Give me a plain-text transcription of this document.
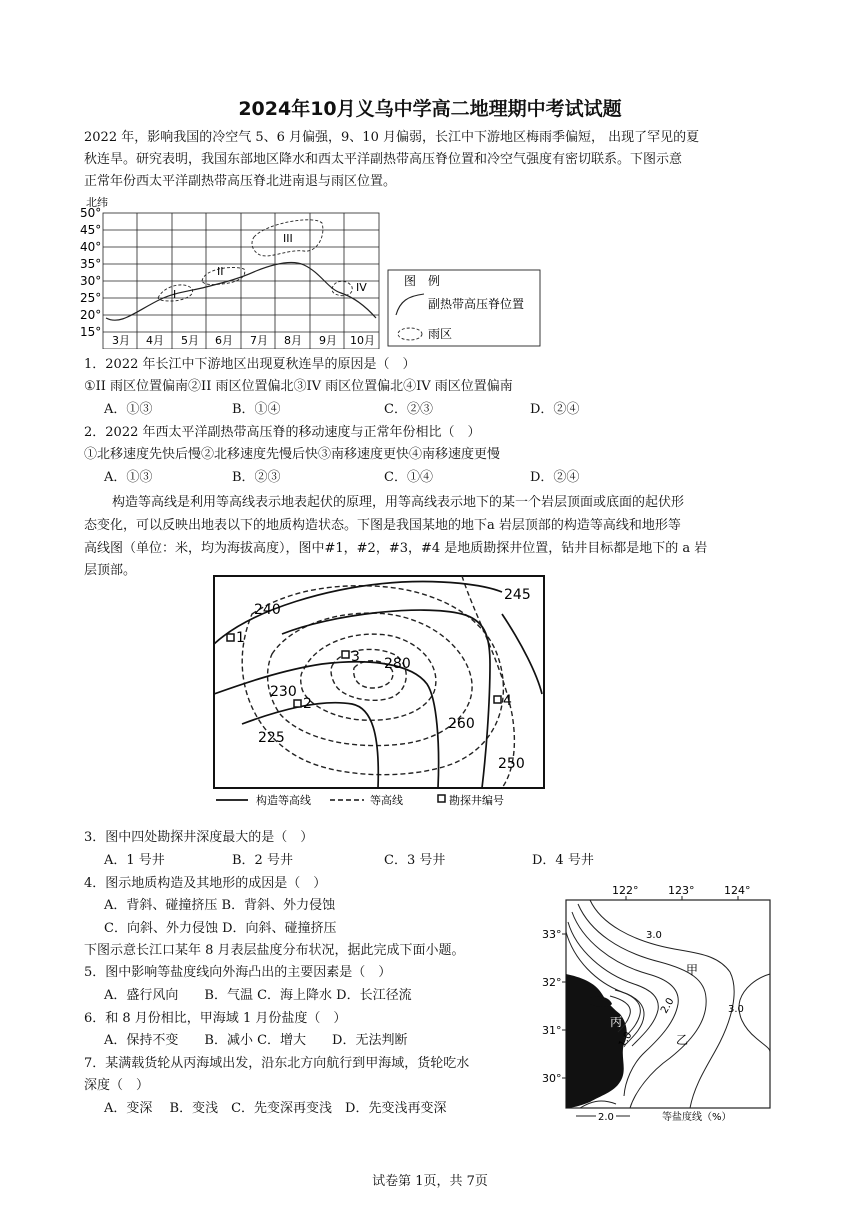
2024年10月义乌中学高二地理期中考试试题
2022 年，影响我国的冷空气 5、6 月偏强，9、10 月偏弱，长江中下游地区梅雨季偏短， 出现了罕见的夏
秋连旱。研究表明，我国东部地区降水和西太平洋副热带高压脊位置和冷空气强度有密切联系。下图示意
正常年份西太平洋副热带高压脊北进南退与雨区位置。
北纬
50°
45°
40°
35°
30°
25°
20°
15°
3月 4月 5月 6月 7月 8月 9月 10月
I
II
III
IV	图　例
副热带高压脊位置
雨区
1．2022 年长江中下游地区出现夏秋连旱的原因是（　）
①II 雨区位置偏南②II 雨区位置偏北③IV 雨区位置偏北④IV 雨区位置偏南
A．①③	B．①④	C．②③	D．②④
2．2022 年西太平洋副热带高压脊的移动速度与正常年份相比（　）
①北移速度先快后慢②北移速度先慢后快③南移速度更快④南移速度更慢
A．①③	B．②③	C．①④	D．②④
构造等高线是利用等高线表示地表起伏的原理，用等高线表示地下的某一个岩层顶面或底面的起伏形
态变化，可以反映出地表以下的地质构造状态。下图是我国某地的地下a 岩层顶部的构造等高线和地形等
高线图（单位：米，均为海拔高度），图中#1，#2，#3，#4 是地质勘探井位置，钻井目标都是地下的 a 岩
层顶部。
240
245
280
230
260
225
250
1
2
3
4
构造等高线	等高线	勘探井编号
3．图中四处勘探井深度最大的是（　）
A．1 号井	B．2 号井	C．3 号井	D．4 号井
4．图示地质构造及其地形的成因是（　）
A．背斜、碰撞挤压 B．背斜、外力侵蚀
C．向斜、外力侵蚀 D．向斜、碰撞挤压
下图示意长江口某年 8 月表层盐度分布状况，据此完成下面小题。
5．图中影响等盐度线向外海凸出的主要因素是（　）
A．盛行风向　　B．气温 C．海上降水 D．长江径流
6．和 8 月份相比，甲海域 1 月份盐度（　）
A．保持不变　　B．减小 C．增大　　D．无法判断
7．某满载货轮从丙海域出发，沿东北方向航行到甲海域，货轮吃水
深度（　）
A．变深　 B．变浅　C．先变深再变浅　D．先变浅再变深
122°	123°	124°
33°
32°
31°
30°
3.0
3.0
2.0
1.0
甲
乙
丙
2.0	等盐度线（%）
试卷第 1页，共 7页
